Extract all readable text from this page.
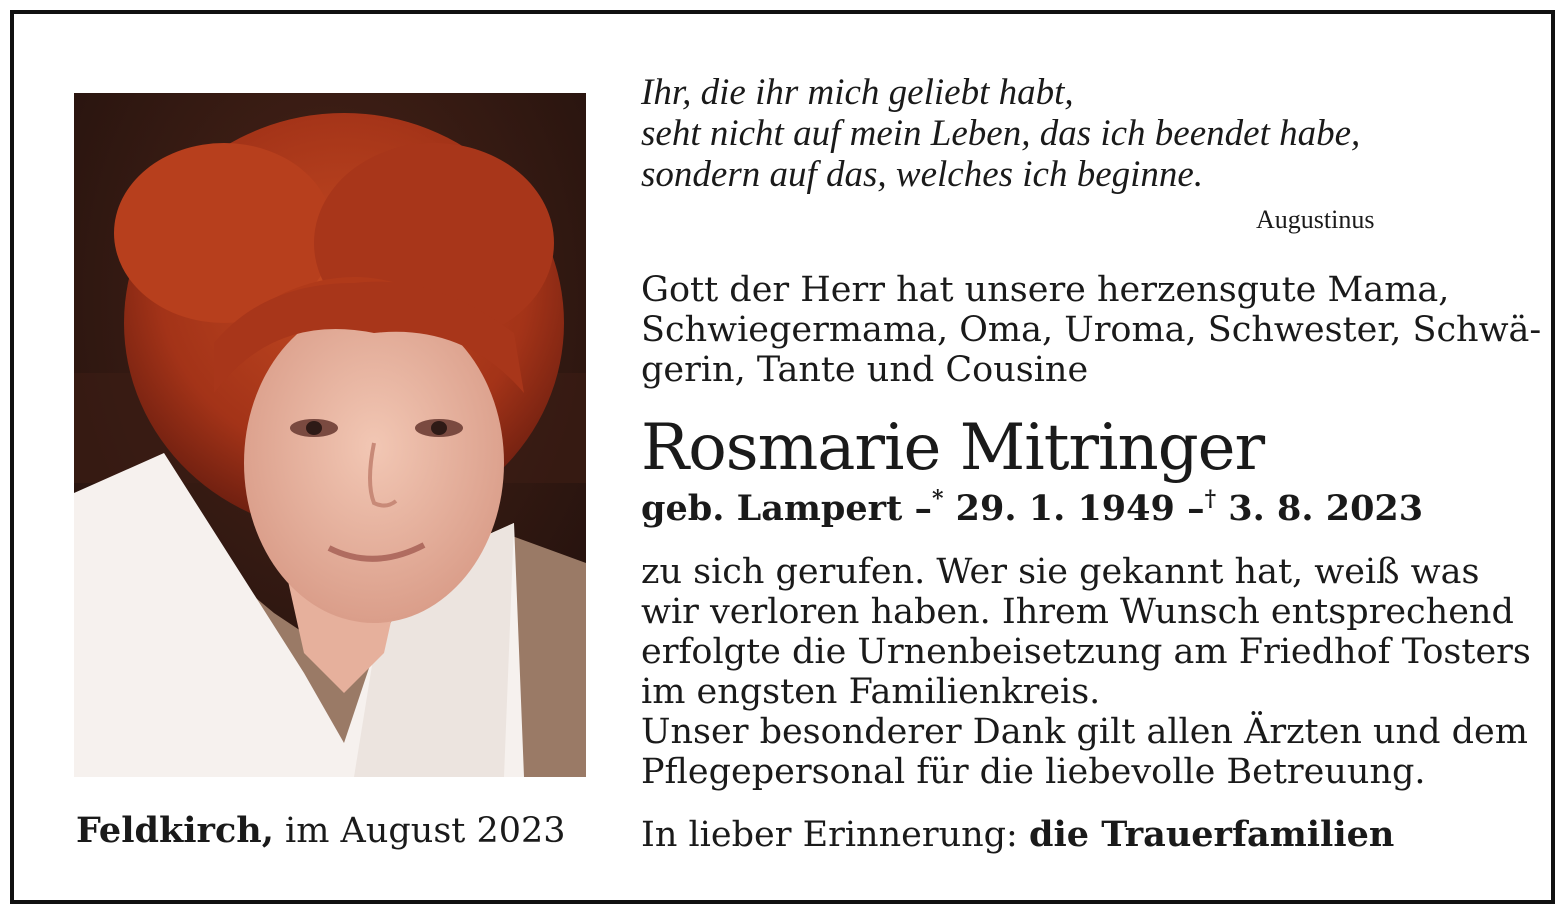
Feldkirch, im August 2023
Ihr, die ihr mich geliebt habt,
seht nicht auf mein Leben, das ich beendet habe,
sondern auf das, welches ich beginne.
Augustinus
Gott der Herr hat unsere herzensgute Mama,
Schwiegermama, Oma, Uroma, Schwester, Schwä-
gerin, Tante und Cousine
Rosmarie Mitringer
geb. Lampert –* 29. 1. 1949 –† 3. 8. 2023
zu sich gerufen. Wer sie gekannt hat, weiß was
wir verloren haben. Ihrem Wunsch entsprechend
erfolgte die Urnenbeisetzung am Friedhof Tosters
im engsten Familienkreis.
Unser besonderer Dank gilt allen Ärzten und dem
Pflegepersonal für die liebevolle Betreuung.
In lieber Erinnerung: die Trauerfamilien
